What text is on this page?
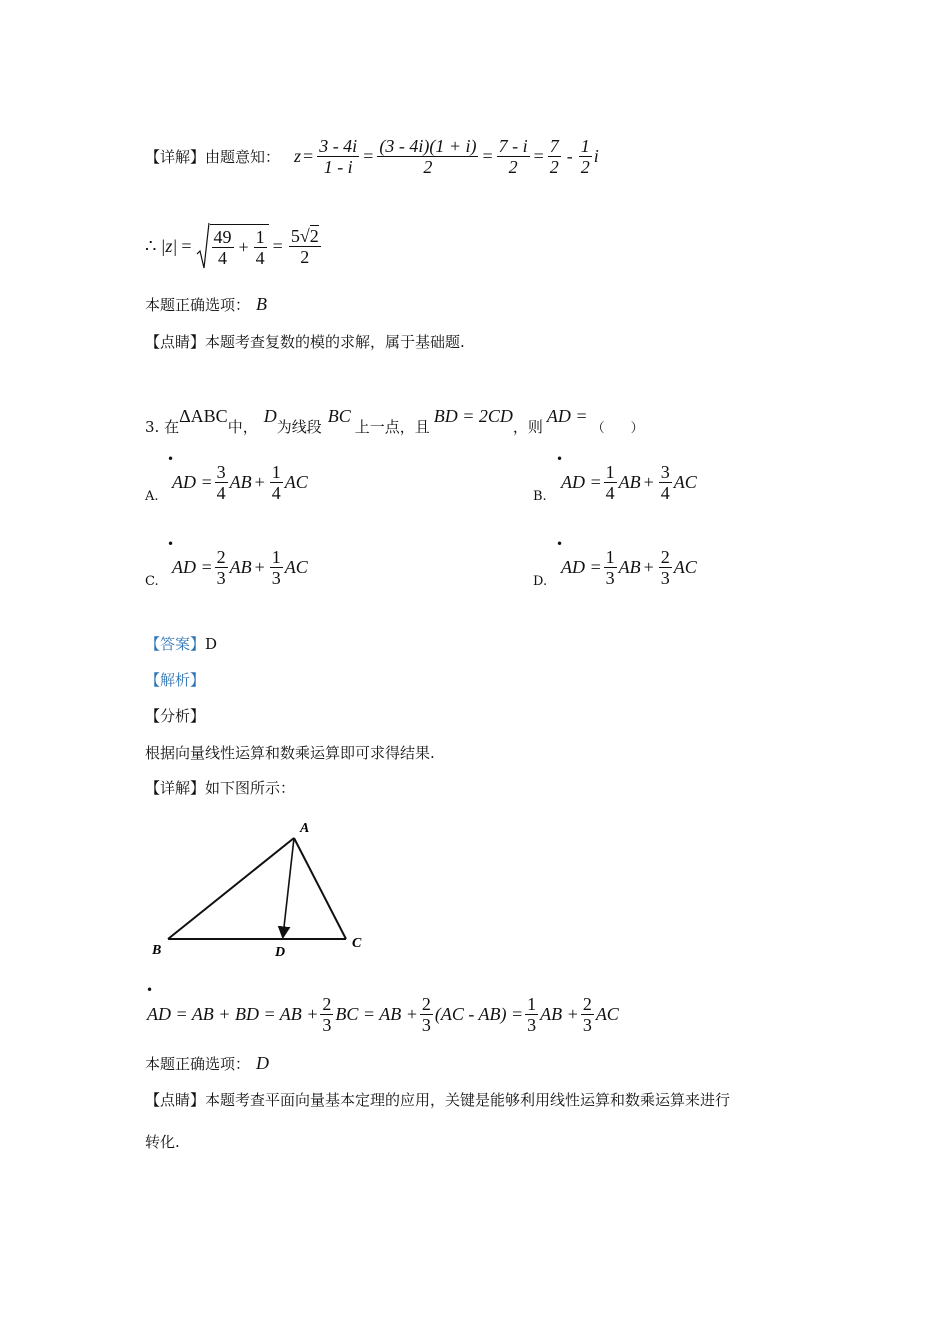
【详解】由题意知： $z = \frac{3 - 4i}{1 - i} = \frac{(3 - 4i)(1 + i)}{2} = \frac{7 - i}{2} = \frac{7}{2} - \frac{1}{2}$ i
∴ $|z| = \frac{49}{4} + \frac{1}{4} = \frac{5√2}{2}$
本题正确选项： B
【点睛】本题考查复数的模的求解，属于基础题.
3. 在
ΔABC
中，
D
为线段
BC
上一点，且
BD = 2CD
，则
AD =
（　　）
•
A.
AD = $\frac{3}{4}$ AB + $\frac{1}{4}$ AC
•
B.
AD = $\frac{1}{4}$ AB + $\frac{3}{4}$ AC
•
C.
AD = $\frac{2}{3}$ AB + $\frac{1}{3}$ AC
•
D.
AD = $\frac{1}{3}$ AB + $\frac{2}{3}$ AC
【答案】 D
【解析】
【分析】
根据向量线性运算和数乘运算即可求得结果.
【详解】如下图所示：
A
B	C
D
•
AD = AB + BD = AB + $\frac{2}{3}$ BC = AB + $\frac{2}{3} (AC - AB) = \frac{1}{3}$ AB + $\frac{2}{3}$ AC
本题正确选项： D
【点睛】本题考查平面向量基本定理的应用，关键是能够利用线性运算和数乘运算来进行
转化.
